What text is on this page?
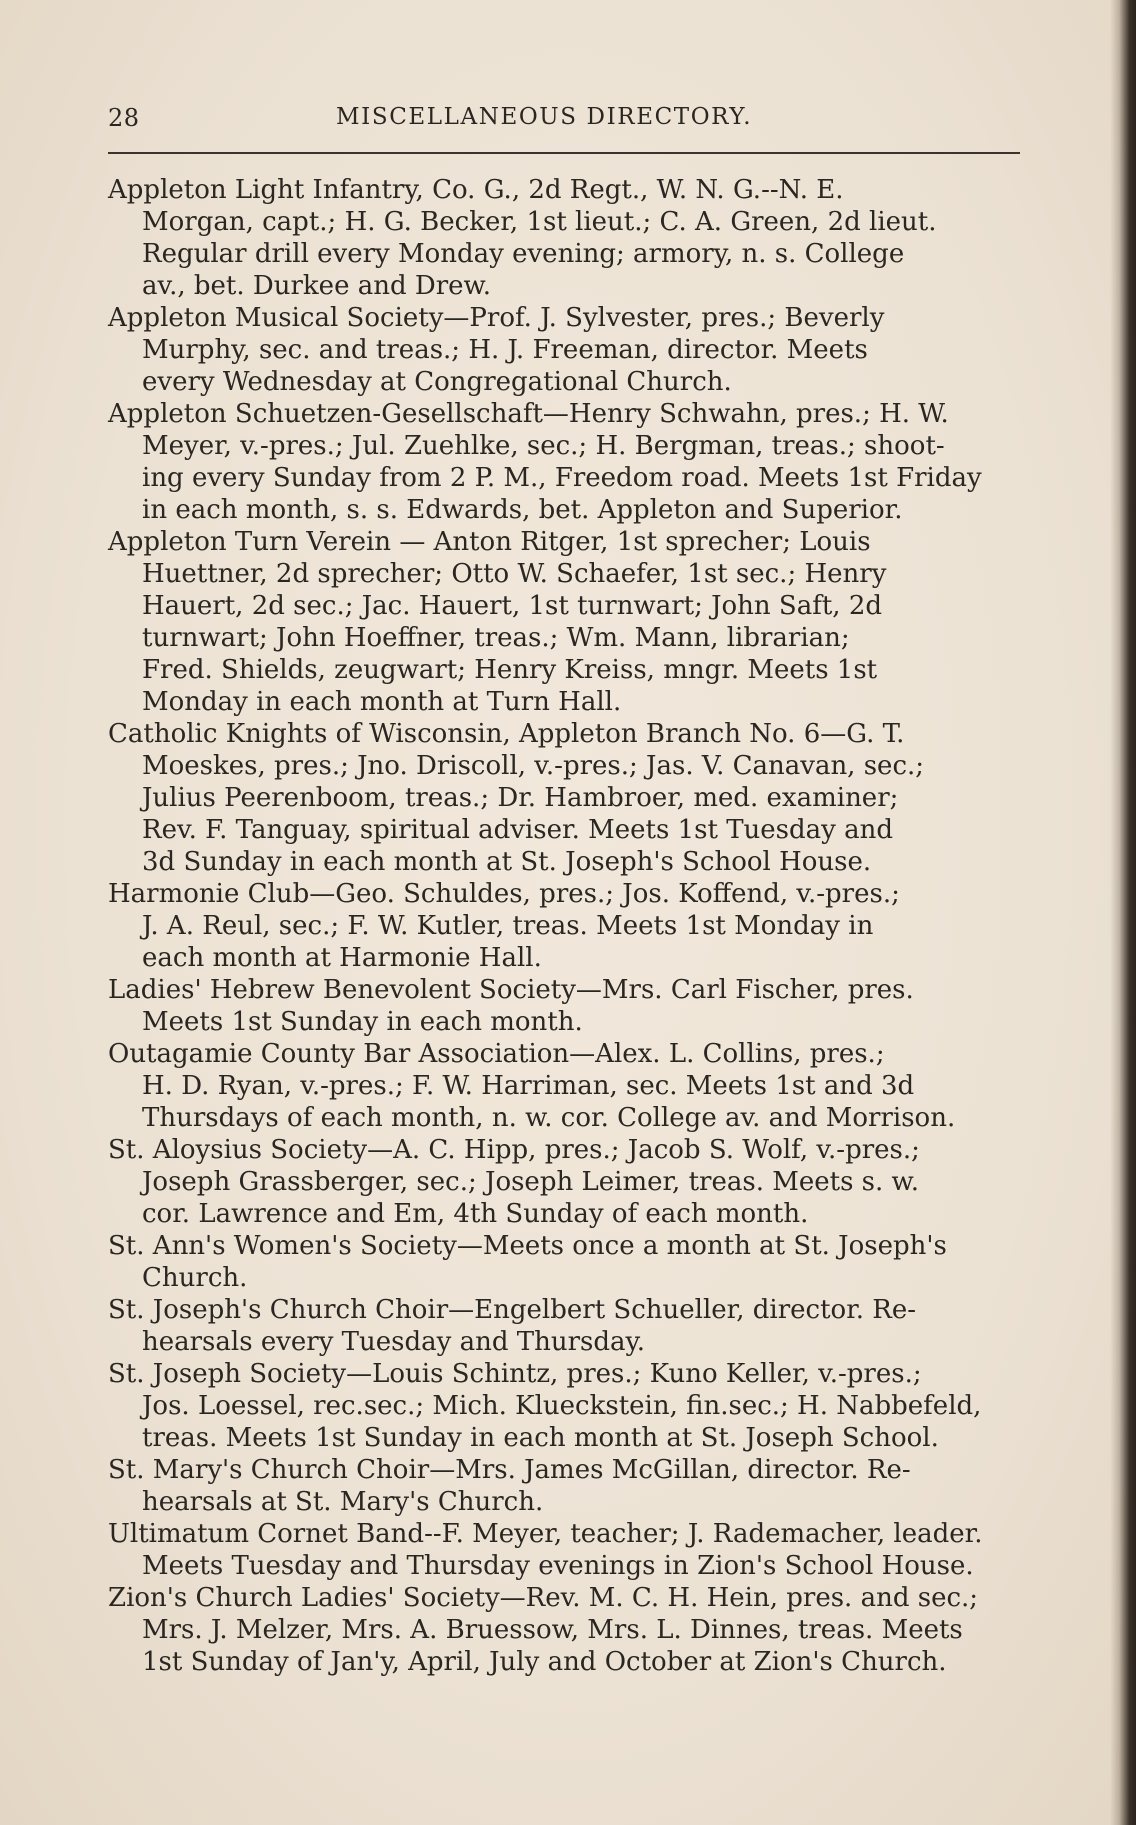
28	MISCELLANEOUS DIRECTORY.
Appleton Light Infantry, Co. G., 2d Regt., W. N. G.--N. E.
Morgan, capt.; H. G. Becker, 1st lieut.; C. A. Green, 2d lieut.
Regular drill every Monday evening; armory, n. s. College
av., bet. Durkee and Drew.
Appleton Musical Society—Prof. J. Sylvester, pres.; Beverly
Murphy, sec. and treas.; H. J. Freeman, director. Meets
every Wednesday at Congregational Church.
Appleton Schuetzen-Gesellschaft—Henry Schwahn, pres.; H. W.
Meyer, v.-pres.; Jul. Zuehlke, sec.; H. Bergman, treas.; shoot-
ing every Sunday from 2 P. M., Freedom road. Meets 1st Friday
in each month, s. s. Edwards, bet. Appleton and Superior.
Appleton Turn Verein — Anton Ritger, 1st sprecher; Louis
Huettner, 2d sprecher; Otto W. Schaefer, 1st sec.; Henry
Hauert, 2d sec.; Jac. Hauert, 1st turnwart; John Saft, 2d
turnwart; John Hoeffner, treas.; Wm. Mann, librarian;
Fred. Shields, zeugwart; Henry Kreiss, mngr. Meets 1st
Monday in each month at Turn Hall.
Catholic Knights of Wisconsin, Appleton Branch No. 6—G. T.
Moeskes, pres.; Jno. Driscoll, v.-pres.; Jas. V. Canavan, sec.;
Julius Peerenboom, treas.; Dr. Hambroer, med. examiner;
Rev. F. Tanguay, spiritual adviser. Meets 1st Tuesday and
3d Sunday in each month at St. Joseph's School House.
Harmonie Club—Geo. Schuldes, pres.; Jos. Koffend, v.-pres.;
J. A. Reul, sec.; F. W. Kutler, treas. Meets 1st Monday in
each month at Harmonie Hall.
Ladies' Hebrew Benevolent Society—Mrs. Carl Fischer, pres.
Meets 1st Sunday in each month.
Outagamie County Bar Association—Alex. L. Collins, pres.;
H. D. Ryan, v.-pres.; F. W. Harriman, sec. Meets 1st and 3d
Thursdays of each month, n. w. cor. College av. and Morrison.
St. Aloysius Society—A. C. Hipp, pres.; Jacob S. Wolf, v.-pres.;
Joseph Grassberger, sec.; Joseph Leimer, treas. Meets s. w.
cor. Lawrence and Em, 4th Sunday of each month.
St. Ann's Women's Society—Meets once a month at St. Joseph's
Church.
St. Joseph's Church Choir—Engelbert Schueller, director. Re-
hearsals every Tuesday and Thursday.
St. Joseph Society—Louis Schintz, pres.; Kuno Keller, v.-pres.;
Jos. Loessel, rec.sec.; Mich. Klueckstein, fin.sec.; H. Nabbefeld,
treas. Meets 1st Sunday in each month at St. Joseph School.
St. Mary's Church Choir—Mrs. James McGillan, director. Re-
hearsals at St. Mary's Church.
Ultimatum Cornet Band--F. Meyer, teacher; J. Rademacher, leader.
Meets Tuesday and Thursday evenings in Zion's School House.
Zion's Church Ladies' Society—Rev. M. C. H. Hein, pres. and sec.;
Mrs. J. Melzer, Mrs. A. Bruessow, Mrs. L. Dinnes, treas. Meets
1st Sunday of Jan'y, April, July and October at Zion's Church.
